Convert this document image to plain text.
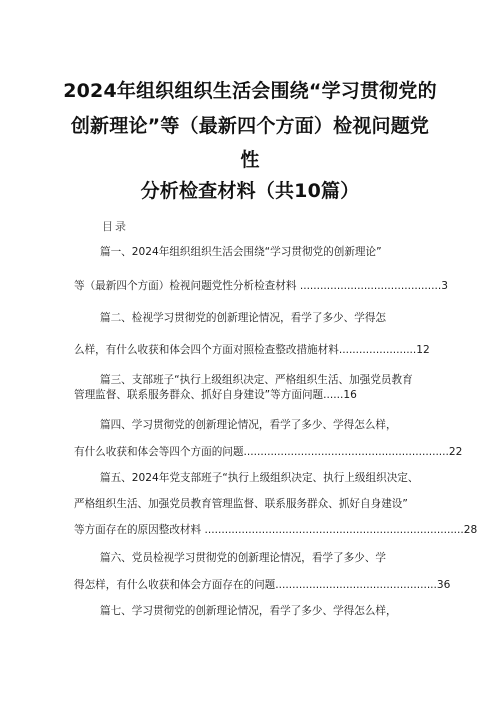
2024年组织组织生活会围绕“学习贯彻党的
创新理论”等（最新四个方面）检视问题党
性
分析检查材料（共10篇）
目录
篇一、2024年组织组织生活会围绕“学习贯彻党的创新理论”
等（最新四个方面）检视问题党性分析检查材料 ..........................................3
篇二、检视学习贯彻党的创新理论情况，看学了多少、学得怎
么样，有什么收获和体会四个方面对照检查整改措施材料.......................12
篇三、支部班子“执行上级组织决定、严格组织生活、加强党员教育
管理监督、联系服务群众、抓好自身建设”等方面问题......16
篇四、学习贯彻党的创新理论情况，看学了多少、学得怎么样，
有什么收获和体会等四个方面的问题.............................................................22
篇五、2024年党支部班子“执行上级组织决定、执行上级组织决定、
严格组织生活、加强党员教育管理监督、联系服务群众、抓好自身建设”
等方面存在的原因整改材料 .............................................................................28
篇六、党员检视学习贯彻党的创新理论情况，看学了多少、学
得怎样，有什么收获和体会方面存在的问题................................................36
篇七、学习贯彻党的创新理论情况，看学了多少、学得怎么样，
